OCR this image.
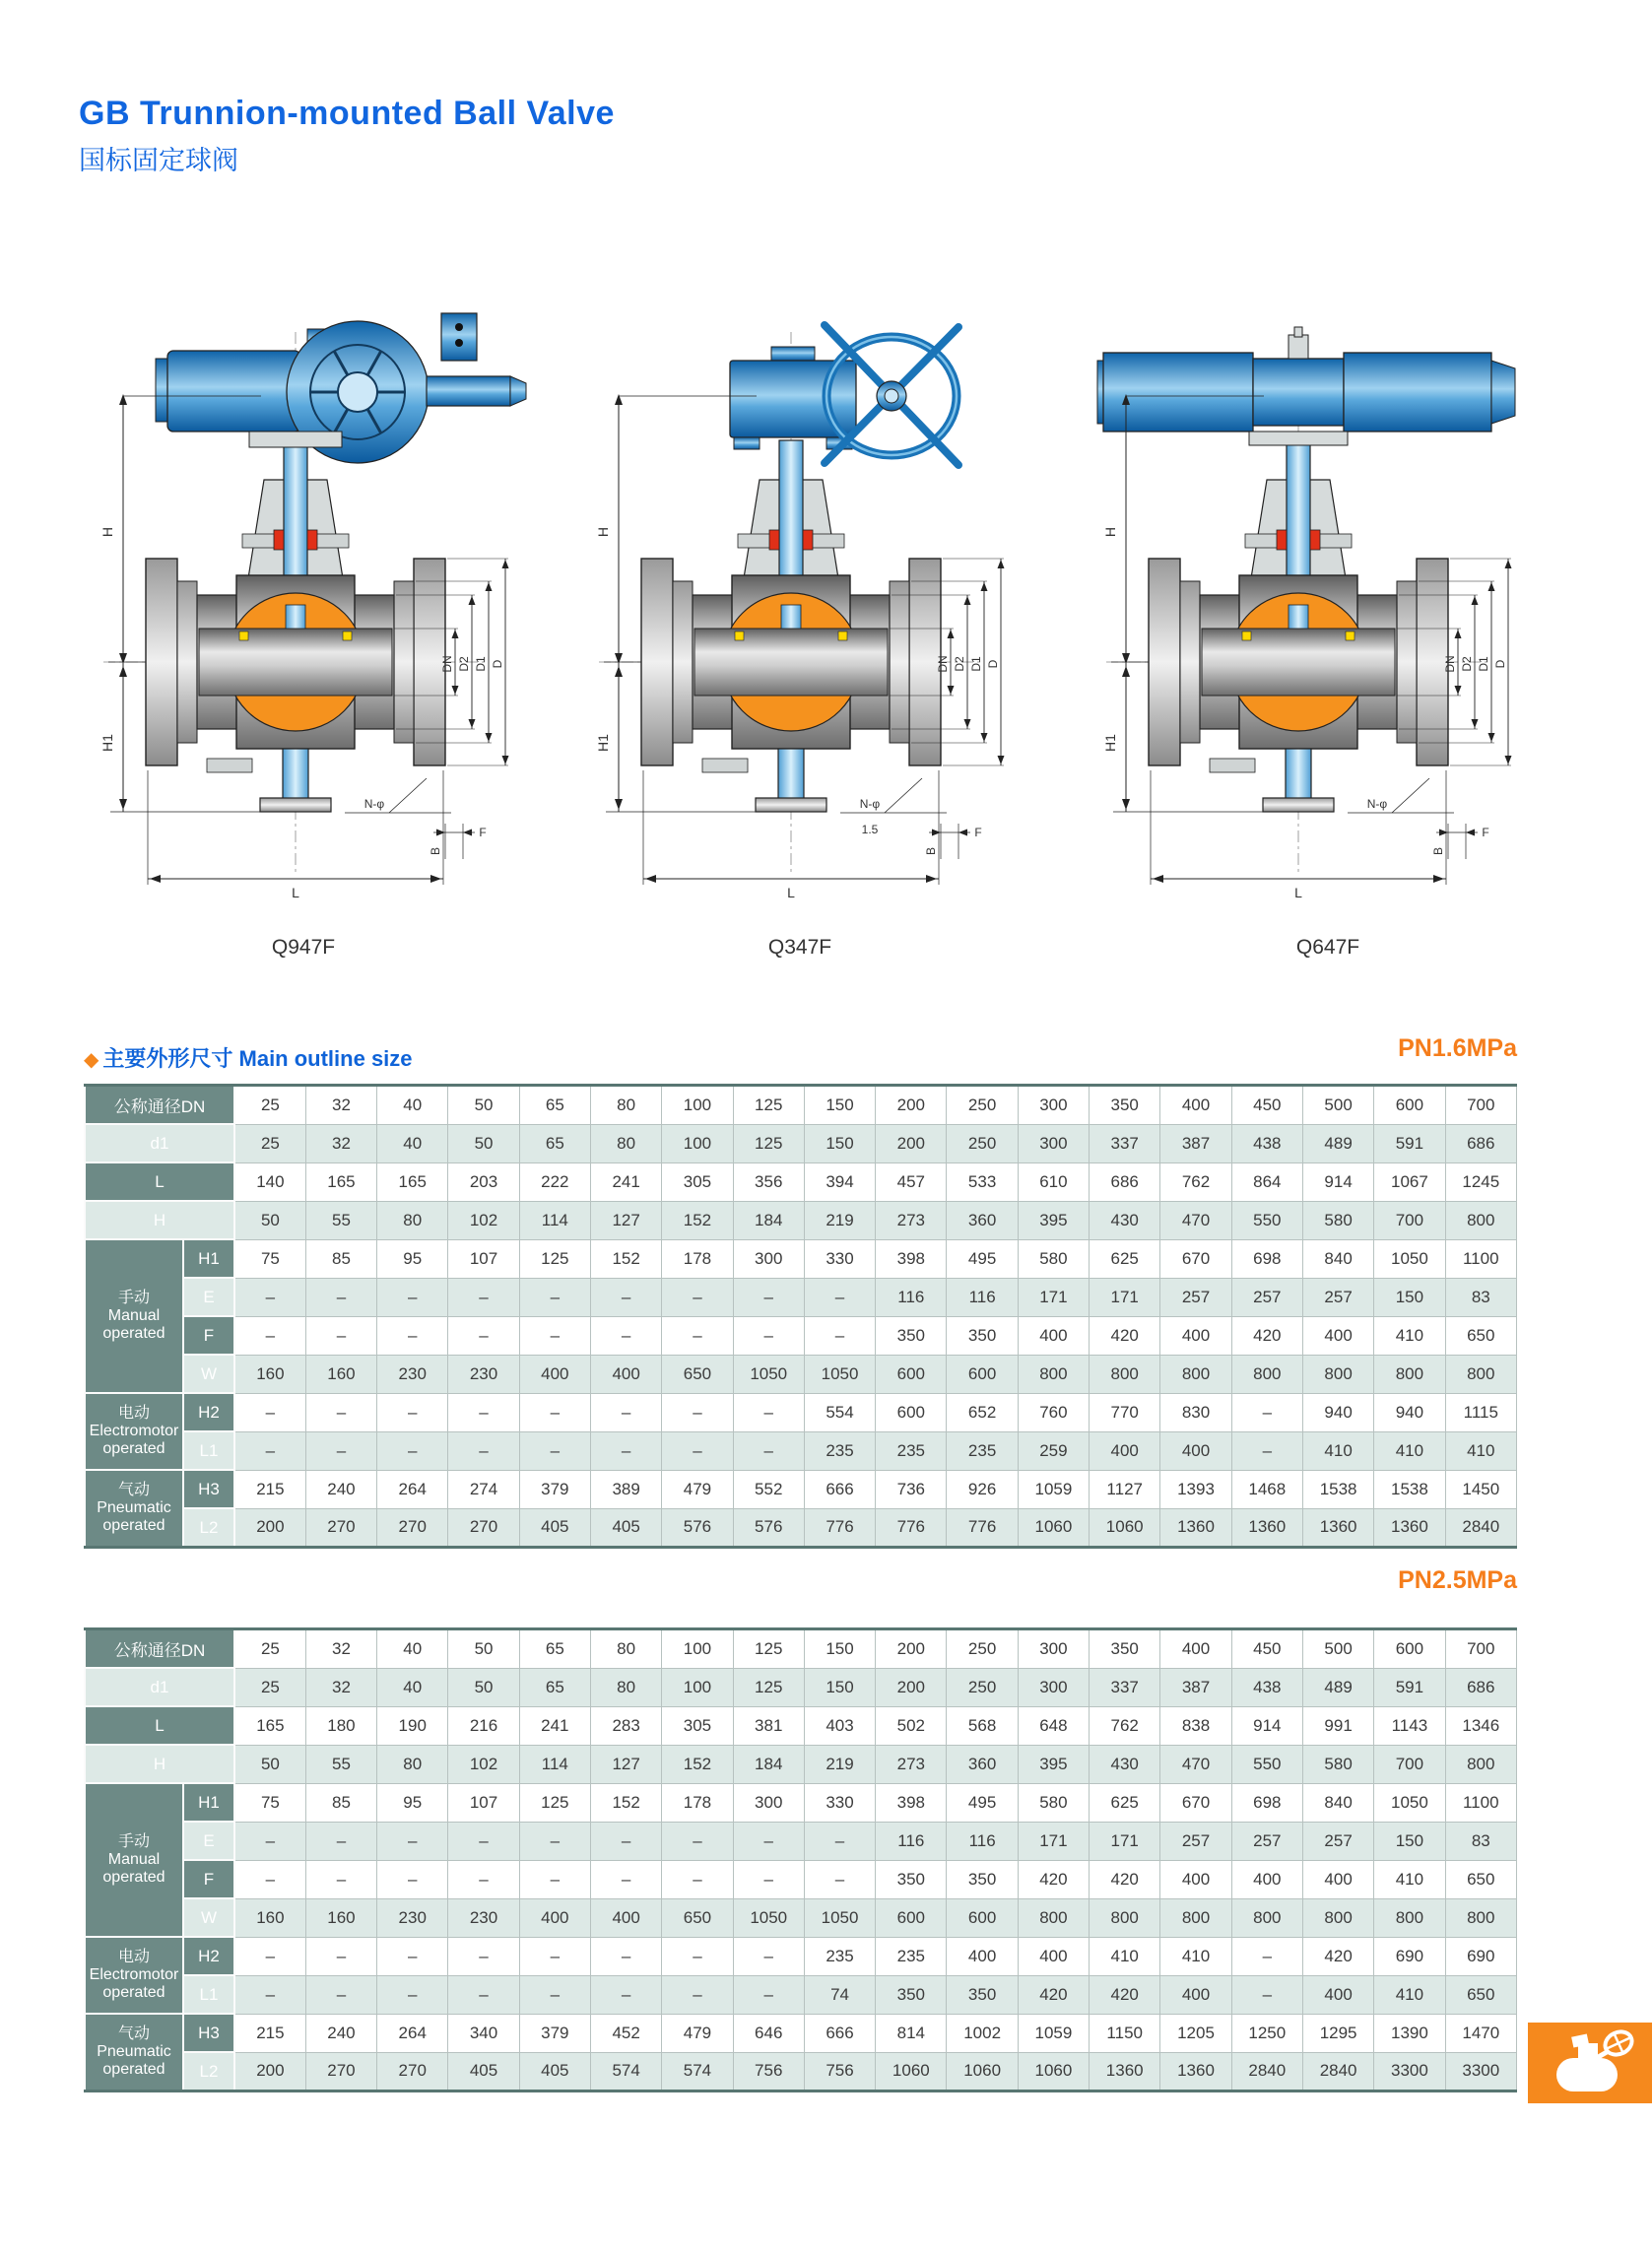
GB Trunnion-mounted Ball Valve
国标固定球阀
H
H1
L
DN D2 D1 D
N-φ
F
B
H
H1
L
DN D2 D1 D
N-φ
F
1.5
B
H
H1
L
DN D2 D1 D
N-φ
F
B
Q947F	Q347F	Q647F
◆ 主要外形尺寸 Main outline size	PN1.6MPa
PN2.5MPa
公称通径DN		25	32	40	50	65	80	100	125	150	200	250	300	350	400	450	500	600	700
d1		25	32	40	50	65	80	100	125	150	200	250	300	337	387	438	489	591	686
L		140	165	165	203	222	241	305	356	394	457	533	610	686	762	864	914	1067	1245
H		50	55	80	102	114	127	152	184	219	273	360	395	430	470	550	580	700	800

手动
Manual
operated	H1	75	85	95	107	125	152	178	300	330	398	495	580	625	670	698	840	1050	1100
	E	–	–	–	–	–	–	–	–	–	116	116	171	171	257	257	257	150	83
	F	–	–	–	–	–	–	–	–	–	350	350	400	420	400	420	400	410	650
	W	160	160	230	230	400	400	650	1050	1050	600	600	800	800	800	800	800	800	800

电动
Electromotor
operated	H2	–	–	–	–	–	–	–	–	554	600	652	760	770	830	–	940	940	1115
	L1	–	–	–	–	–	–	–	–	235	235	235	259	400	400	–	410	410	410

气动
Pneumatic
operated	H3	215	240	264	274	379	389	479	552	666	736	926	1059	1127	1393	1468	1538	1538	1450
	L2	200	270	270	270	405	405	576	576	776	776	776	1060	1060	1360	1360	1360	1360	2840
公称通径DN		25	32	40	50	65	80	100	125	150	200	250	300	350	400	450	500	600	700
d1		25	32	40	50	65	80	100	125	150	200	250	300	337	387	438	489	591	686
L		165	180	190	216	241	283	305	381	403	502	568	648	762	838	914	991	1143	1346
H		50	55	80	102	114	127	152	184	219	273	360	395	430	470	550	580	700	800

手动
Manual
operated	H1	75	85	95	107	125	152	178	300	330	398	495	580	625	670	698	840	1050	1100
	E	–	–	–	–	–	–	–	–	–	116	116	171	171	257	257	257	150	83
	F	–	–	–	–	–	–	–	–	–	350	350	420	420	400	400	400	410	650
	W	160	160	230	230	400	400	650	1050	1050	600	600	800	800	800	800	800	800	800

电动
Electromotor
operated	H2	–	–	–	–	–	–	–	–	235	235	400	400	410	410	–	420	690	690
	L1	–	–	–	–	–	–	–	–	74	350	350	420	420	400	–	400	410	650

气动
Pneumatic
operated	H3	215	240	264	340	379	452	479	646	666	814	1002	1059	1150	1205	1250	1295	1390	1470
	L2	200	270	270	405	405	574	574	756	756	1060	1060	1060	1360	1360	2840	2840	3300	3300
